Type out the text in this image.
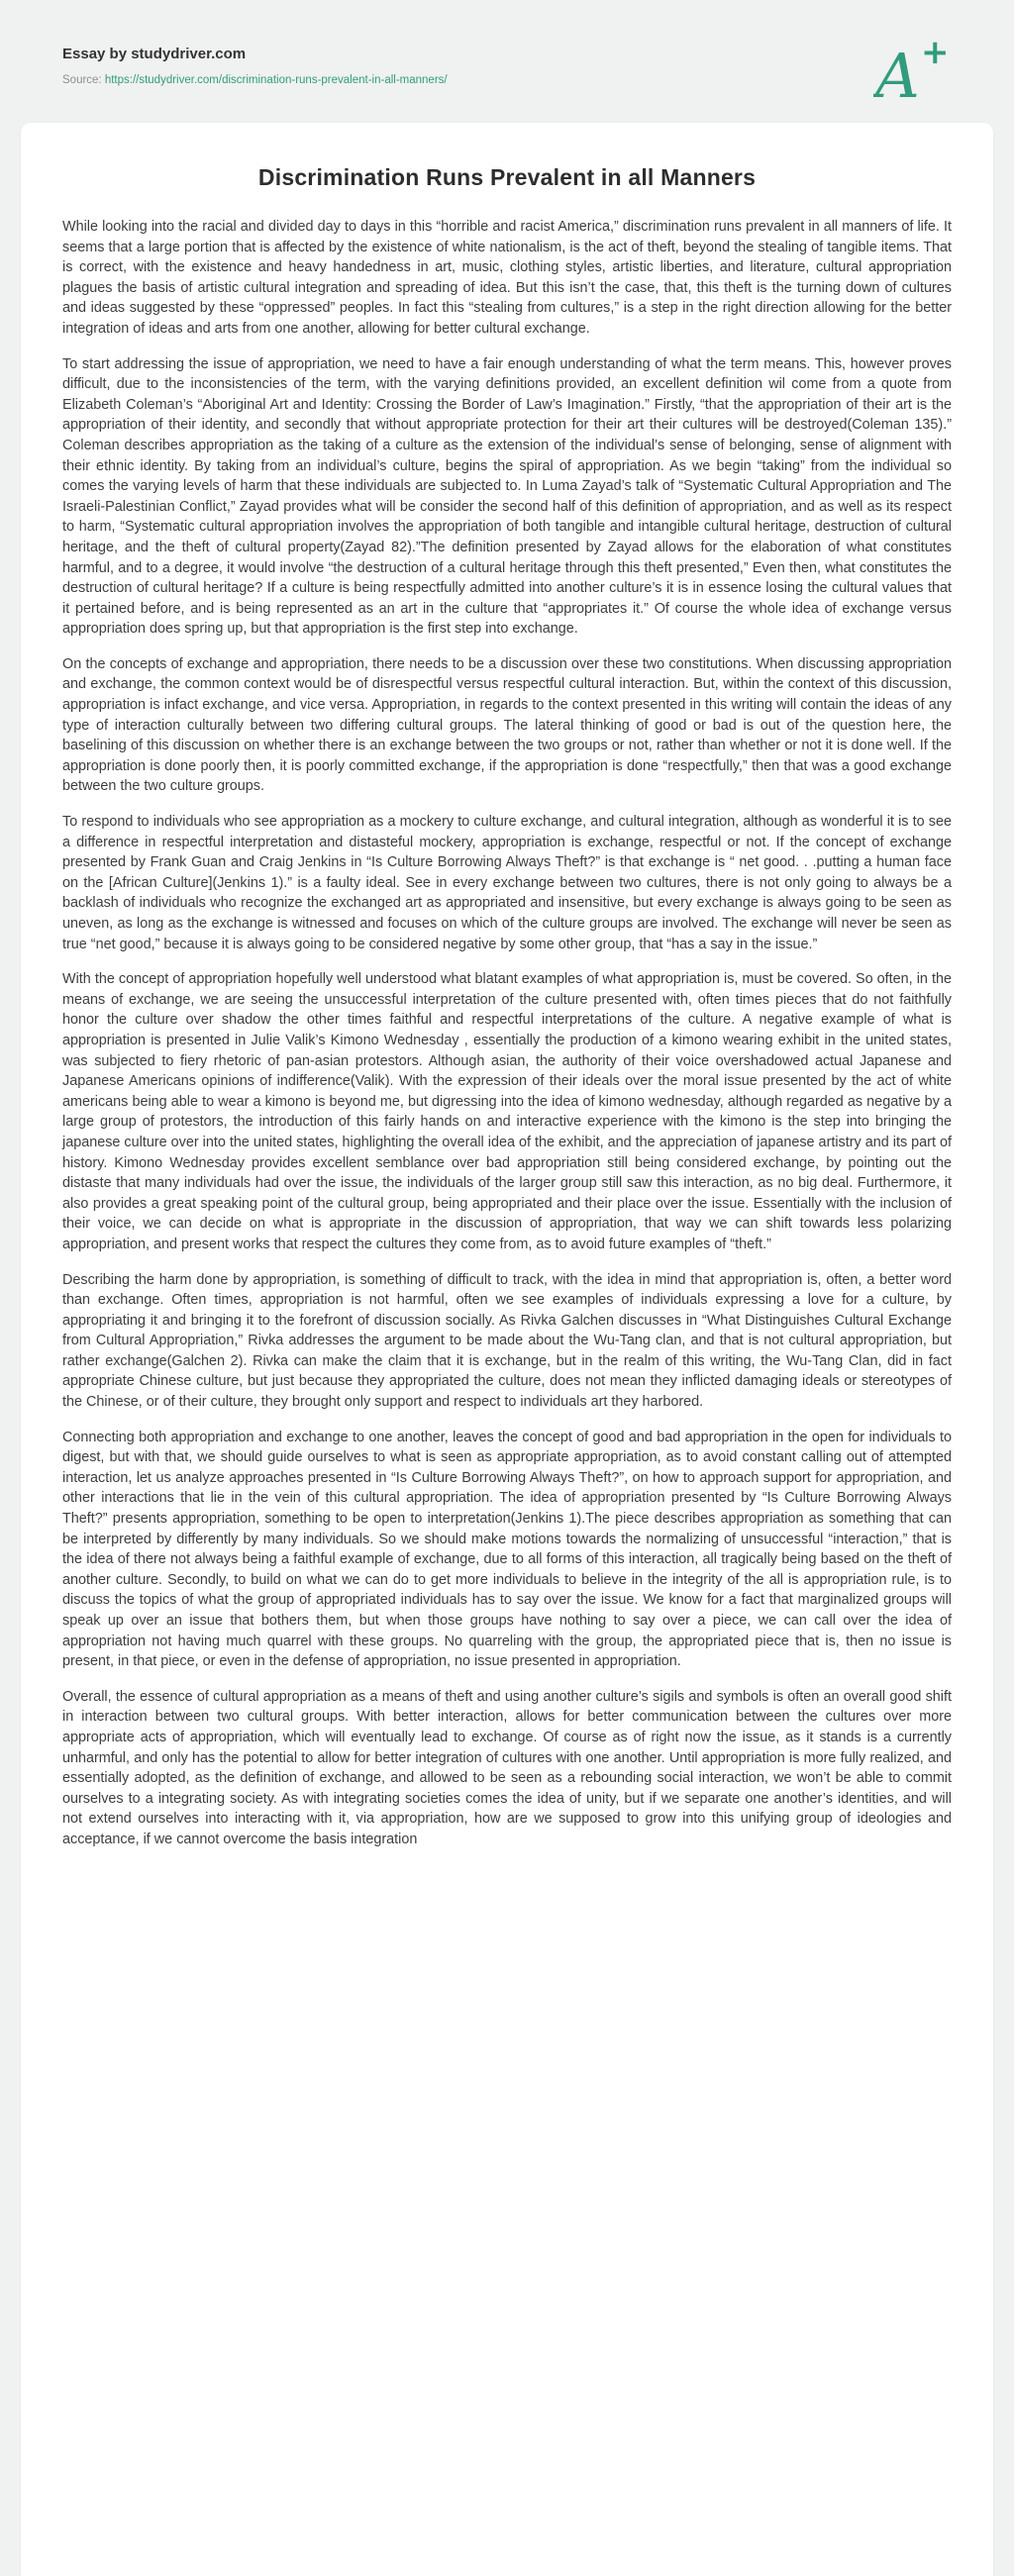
Essay by studydriver.com

Source: https://studydriver.com/discrimination-runs-prevalent-in-all-manners/	A +
Discrimination Runs Prevalent in all Manners

While looking into the racial and divided day to days in this “horrible and racist America,” discrimination runs prevalent in all manners of life. It seems that a large portion that is affected by the existence of white nationalism, is the act of theft, beyond the stealing of tangible items. That is correct, with the existence and heavy handedness in art, music, clothing styles, artistic liberties, and literature, cultural appropriation plagues the basis of artistic cultural integration and spreading of idea. But this isn’t the case, that, this theft is the turning down of cultures and ideas suggested by these “oppressed” peoples. In fact this “stealing from cultures,” is a step in the right direction allowing for the better integration of ideas and arts from one another, allowing for better cultural exchange.

To start addressing the issue of appropriation, we need to have a fair enough understanding of what the term means. This, however proves difficult, due to the inconsistencies of the term, with the varying definitions provided, an excellent definition wil come from a quote from Elizabeth Coleman’s “Aboriginal Art and Identity: Crossing the Border of Law’s Imagination.” Firstly, “that the appropriation of their art is the appropriation of their identity, and secondly that without appropriate protection for their art their cultures will be destroyed(Coleman 135).” Coleman describes appropriation as the taking of a culture as the extension of the individual’s sense of belonging, sense of alignment with their ethnic identity. By taking from an individual’s culture, begins the spiral of appropriation. As we begin “taking” from the individual so comes the varying levels of harm that these individuals are subjected to. In Luma Zayad’s talk of “Systematic Cultural Appropriation and The Israeli-Palestinian Conflict,” Zayad provides what will be consider the second half of this definition of appropriation, and as well as its respect to harm, “Systematic cultural appropriation involves the appropriation of both tangible and intangible cultural heritage, destruction of cultural heritage, and the theft of cultural property(Zayad 82).”The definition presented by Zayad allows for the elaboration of what constitutes harmful, and to a degree, it would involve “the destruction of a cultural heritage through this theft presented,” Even then, what constitutes the destruction of cultural heritage? If a culture is being respectfully admitted into another culture’s it is in essence losing the cultural values that it pertained before, and is being represented as an art in the culture that “appropriates it.” Of course the whole idea of exchange versus appropriation does spring up, but that appropriation is the first step into exchange.

On the concepts of exchange and appropriation, there needs to be a discussion over these two constitutions. When discussing appropriation and exchange, the common context would be of disrespectful versus respectful cultural interaction. But, within the context of this discussion, appropriation is infact exchange, and vice versa. Appropriation, in regards to the context presented in this writing will contain the ideas of any type of interaction culturally between two differing cultural groups. The lateral thinking of good or bad is out of the question here, the baselining of this discussion on whether there is an exchange between the two groups or not, rather than whether or not it is done well. If the appropriation is done poorly then, it is poorly committed exchange, if the appropriation is done “respectfully,” then that was a good exchange between the two culture groups.

To respond to individuals who see appropriation as a mockery to culture exchange, and cultural integration, although as wonderful it is to see a difference in respectful interpretation and distasteful mockery, appropriation is exchange, respectful or not. If the concept of exchange presented by Frank Guan and Craig Jenkins in “Is Culture Borrowing Always Theft?” is that exchange is “ net good. . .putting a human face on the [African Culture](Jenkins 1).” is a faulty ideal. See in every exchange between two cultures, there is not only going to always be a backlash of individuals who recognize the exchanged art as appropriated and insensitive, but every exchange is always going to be seen as uneven, as long as the exchange is witnessed and focuses on which of the culture groups are involved. The exchange will never be seen as true “net good,” because it is always going to be considered negative by some other group, that “has a say in the issue.”

With the concept of appropriation hopefully well understood what blatant examples of what appropriation is, must be covered. So often, in the means of exchange, we are seeing the unsuccessful interpretation of the culture presented with, often times pieces that do not faithfully honor the culture over shadow the other times faithful and respectful interpretations of the culture. A negative example of what is appropriation is presented in Julie Valik’s Kimono Wednesday , essentially the production of a kimono wearing exhibit in the united states, was subjected to fiery rhetoric of pan-asian protestors. Although asian, the authority of their voice overshadowed actual Japanese and Japanese Americans opinions of indifference(Valik). With the expression of their ideals over the moral issue presented by the act of white americans being able to wear a kimono is beyond me, but digressing into the idea of kimono wednesday, although regarded as negative by a large group of protestors, the introduction of this fairly hands on and interactive experience with the kimono is the step into bringing the japanese culture over into the united states, highlighting the overall idea of the exhibit, and the appreciation of japanese artistry and its part of history. Kimono Wednesday provides excellent semblance over bad appropriation still being considered exchange, by pointing out the distaste that many individuals had over the issue, the individuals of the larger group still saw this interaction, as no big deal. Furthermore, it also provides a great speaking point of the cultural group, being appropriated and their place over the issue. Essentially with the inclusion of their voice, we can decide on what is appropriate in the discussion of appropriation, that way we can shift towards less polarizing appropriation, and present works that respect the cultures they come from, as to avoid future examples of “theft.”

Describing the harm done by appropriation, is something of difficult to track, with the idea in mind that appropriation is, often, a better word than exchange. Often times, appropriation is not harmful, often we see examples of individuals expressing a love for a culture, by appropriating it and bringing it to the forefront of discussion socially. As Rivka Galchen discusses in “What Distinguishes Cultural Exchange from Cultural Appropriation,” Rivka addresses the argument to be made about the Wu-Tang clan, and that is not cultural appropriation, but rather exchange(Galchen 2). Rivka can make the claim that it is exchange, but in the realm of this writing, the Wu-Tang Clan, did in fact appropriate Chinese culture, but just because they appropriated the culture, does not mean they inflicted damaging ideals or stereotypes of the Chinese, or of their culture, they brought only support and respect to individuals art they harbored.

Connecting both appropriation and exchange to one another, leaves the concept of good and bad appropriation in the open for individuals to digest, but with that, we should guide ourselves to what is seen as appropriate appropriation, as to avoid constant calling out of attempted interaction, let us analyze approaches presented in “Is Culture Borrowing Always Theft?”, on how to approach support for appropriation, and other interactions that lie in the vein of this cultural appropriation. The idea of appropriation presented by “Is Culture Borrowing Always Theft?” presents appropriation, something to be open to interpretation(Jenkins 1).The piece describes appropriation as something that can be interpreted by differently by many individuals. So we should make motions towards the normalizing of unsuccessful “interaction,” that is the idea of there not always being a faithful example of exchange, due to all forms of this interaction, all tragically being based on the theft of another culture. Secondly, to build on what we can do to get more individuals to believe in the integrity of the all is appropriation rule, is to discuss the topics of what the group of appropriated individuals has to say over the issue. We know for a fact that marginalized groups will speak up over an issue that bothers them, but when those groups have nothing to say over a piece, we can call over the idea of appropriation not having much quarrel with these groups. No quarreling with the group, the appropriated piece that is, then no issue is present, in that piece, or even in the defense of appropriation, no issue presented in appropriation.

Overall, the essence of cultural appropriation as a means of theft and using another culture’s sigils and symbols is often an overall good shift in interaction between two cultural groups. With better interaction, allows for better communication between the cultures over more appropriate acts of appropriation, which will eventually lead to exchange. Of course as of right now the issue, as it stands is a currently unharmful, and only has the potential to allow for better integration of cultures with one another. Until appropriation is more fully realized, and essentially adopted, as the definition of exchange, and allowed to be seen as a rebounding social interaction, we won’t be able to commit ourselves to a integrating society. As with integrating societies comes the idea of unity, but if we separate one another’s identities, and will not extend ourselves into interacting with it, via appropriation, how are we supposed to grow into this unifying group of ideologies and acceptance, if we cannot overcome the basis integration
